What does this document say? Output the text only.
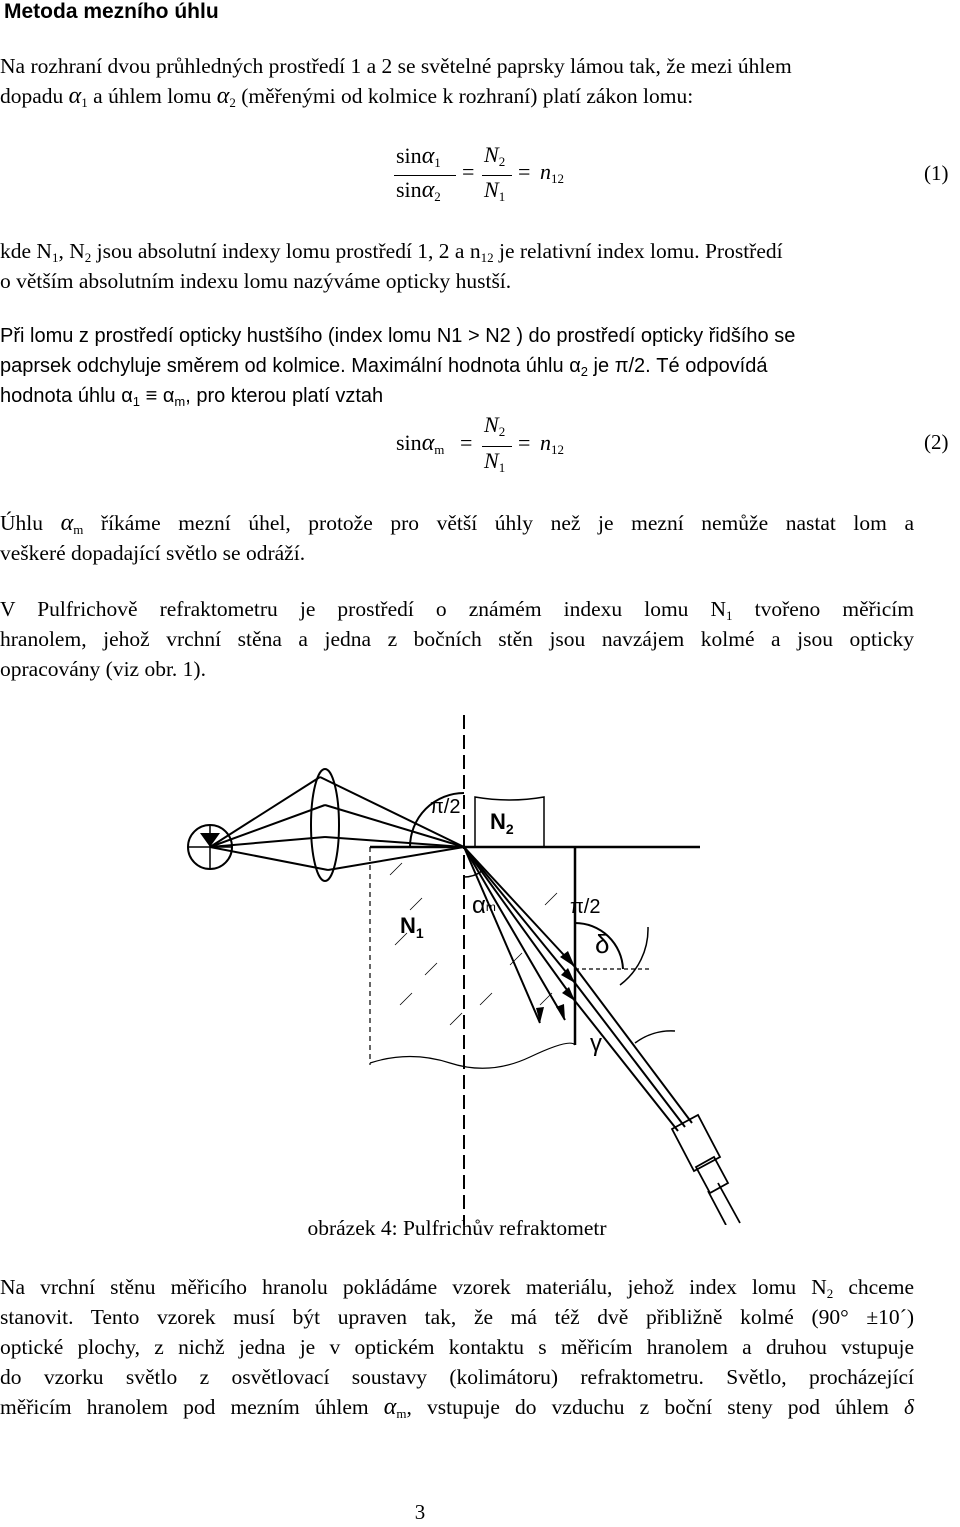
Metoda mezního úhlu
Na rozhraní dvou průhledných prostředí 1 a 2 se světelné paprsky lámou tak, že mezi úhlem
dopadu $\alpha_1$ a úhlem lomu $\alpha_2$ (měřenými od kolmice k rozhraní) platí zákon lomu:
sinα$_1$
sinα$_2$
=
$N_2$
$N_1$
= $n_{12}$	(1)
kde $N_1$, $N_2$ jsou absolutní indexy lomu prostředí 1, 2 a $n_{12}$ je relativní index lomu. Prostředí
o větším absolutním indexu lomu nazýváme opticky hustší.
Při lomu z prostředí opticky hustšího (index lomu N1 > N2 ) do prostředí opticky řidšího se
paprsek odchyluje směrem od kolmice. Maximální hodnota úhlu $\alpha_2$ je π/2. Té odpovídá
hodnota úhlu $\alpha_1 \equiv \alpha_m$, pro kterou platí vztah
sinα$_m$ =
$N_2$
$N_1$
= $n_{12}$	(2)
Úhlu $\alpha_m$ říkáme mezní úhel, protože pro větší úhly než je mezní nemůže nastat lom a
veškeré dopadající světlo se odráží.
V Pulfrichově refraktometru je prostředí o známém indexu lomu $N_1$ tvořeno měřicím
hranolem, jehož vrchní stěna a jedna z bočních stěn jsou navzájem kolmé a jsou opticky
opracovány (viz obr. 1).
π/2
$N_2$
$N_1$
αm	π/2
δ
γ
obrázek 4: Pulfrichův refraktometr
Na vrchní stěnu měřicího hranolu pokládáme vzorek materiálu, jehož index lomu $N_2$ chceme
stanovit. Tento vzorek musí být upraven tak, že má též dvě přibližně kolmé (90° ±10´)
optické plochy, z nichž jedna je v optickém kontaktu s měřicím hranolem a druhou vstupuje
do vzorku světlo z osvětlovací soustavy (kolimátoru) refraktometru. Světlo, procházející
měřicím hranolem pod mezním úhlem $\alpha_m$, vstupuje do vzduchu z boční steny pod úhlem δ
3
